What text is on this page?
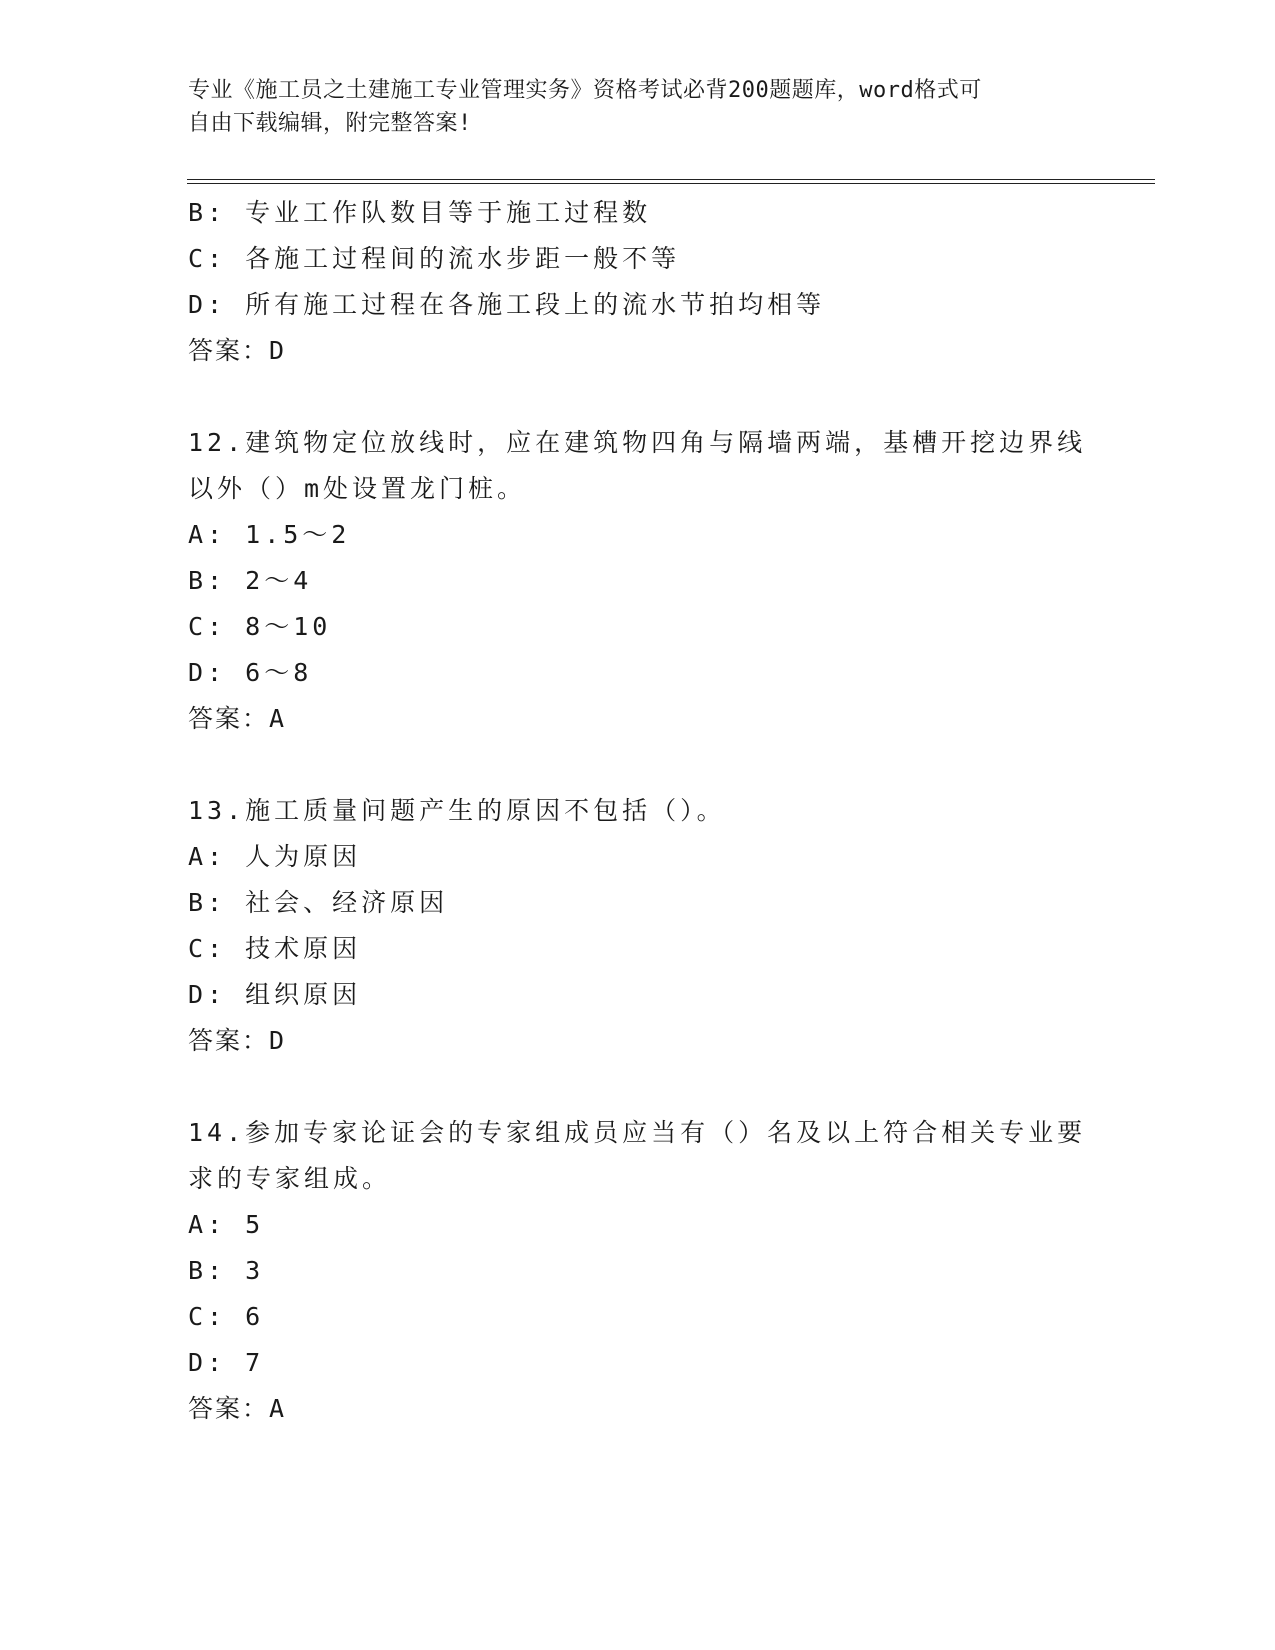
专业《施工员之土建施工专业管理实务》资格考试必背200题题库，word格式可
自由下载编辑，附完整答案!
B: 专业工作队数目等于施工过程数
C: 各施工过程间的流水步距一般不等
D: 所有施工过程在各施工段上的流水节拍均相等
答案：D
12.建筑物定位放线时，应在建筑物四角与隔墙两端，基槽开挖边界线
以外（）m处设置龙门桩。
A: 1.5～2
B: 2～4
C: 8～10
D: 6～8
答案：A
13.施工质量问题产生的原因不包括（）。
A: 人为原因
B: 社会、经济原因
C: 技术原因
D: 组织原因
答案：D
14.参加专家论证会的专家组成员应当有（）名及以上符合相关专业要
求的专家组成。
A: 5
B: 3
C: 6
D: 7
答案：A
